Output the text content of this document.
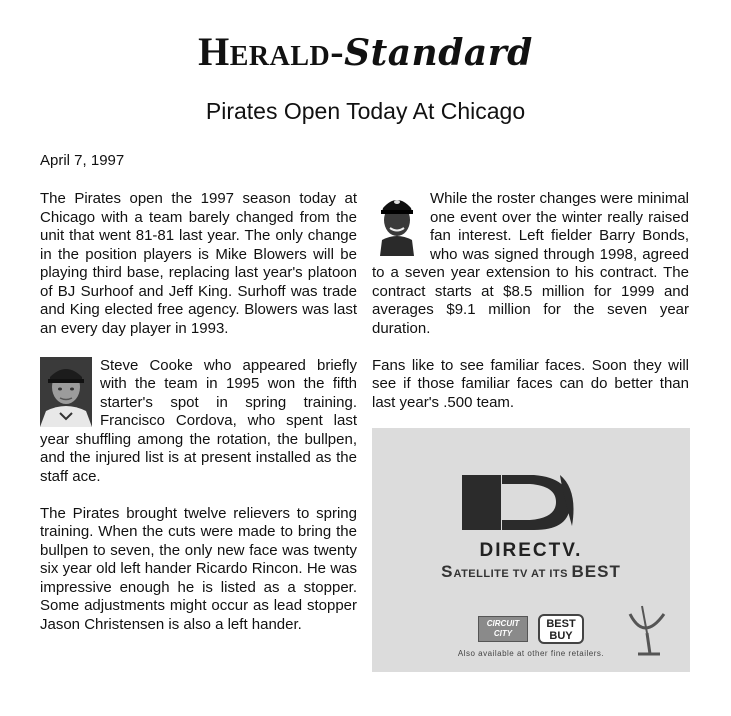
Herald-Standard
Pirates Open Today At Chicago
April 7, 1997

The Pirates open the 1997 season today at Chicago with a team barely changed from the unit that went 81-81 last year. The only change in the position players is Mike Blowers will be playing third base, replacing last year's platoon of BJ Surhoof and Jeff King. Surhoff was trade and King elected free agency. Blowers was last an every day player in 1993.

Steve Cooke who appeared briefly with the team in 1995 won the fifth starter's spot in spring training. Francisco Cordova, who spent last year shuffling among the rotation, the bullpen, and the injured list is at present installed as the staff ace.

The Pirates brought twelve relievers to spring training. When the cuts were made to bring the bullpen to seven, the only new face was twenty six year old left hander Ricardo Rincon. He was impressive enough he is listed as a stopper. Some adjustments might occur as lead stopper Jason Christensen is also a left hander.

While the roster changes were minimal one event over the winter really raised fan interest. Left fielder Barry Bonds, who was signed through 1998, agreed to a seven year extension to his contract. The contract starts at $8.5 million for 1999 and averages $9.1 million for the seven year duration.

Fans like to see familiar faces. Soon they will see if those familiar faces can do better than last year's .500 team.

DIRECTV.
SATELLITE TV AT ITS BEST
CIRCUIT
CITY
BEST
BUY
Also available at other fine retailers.
